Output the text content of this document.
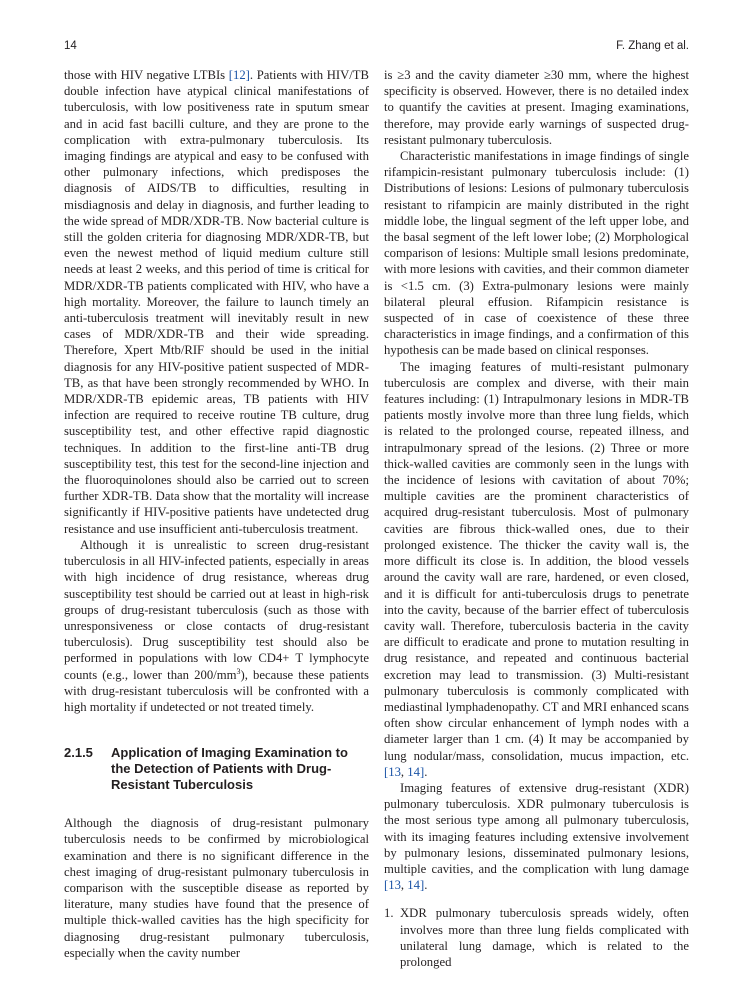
14	F. Zhang et al.

those with HIV negative LTBIs [12]. Patients with HIV/TB double infection have atypical clinical manifestations of tuberculosis, with low positiveness rate in sputum smear and in acid fast bacilli culture, and they are prone to the complication with extra-pulmonary tuberculosis. Its imaging findings are atypical and easy to be confused with other pulmonary infections, which predisposes the diagnosis of AIDS/TB to difficulties, resulting in misdiagnosis and delay in diagnosis, and further leading to the wide spread of MDR/XDR-TB. Now bacterial culture is still the golden criteria for diagnosing MDR/XDR-TB, but even the newest method of liquid medium culture still needs at least 2 weeks, and this period of time is critical for MDR/XDR-TB patients complicated with HIV, who have a high mortality. Moreover, the failure to launch timely an anti-tuberculosis treatment will inevitably result in new cases of MDR/XDR-TB and their wide spreading. Therefore, Xpert Mtb/RIF should be used in the initial diagnosis for any HIV-positive patient suspected of MDR-TB, as that have been strongly recommended by WHO. In MDR/XDR-TB epidemic areas, TB patients with HIV infection are required to receive routine TB culture, drug susceptibility test, and other effective rapid diagnostic techniques. In addition to the first-line anti-TB drug susceptibility test, this test for the second-line injection and the fluoroquinolones should also be carried out to screen further XDR-TB. Data show that the mortality will increase significantly if HIV-positive patients have undetected drug resistance and use insufficient anti-tuberculosis treatment.

Although it is unrealistic to screen drug-resistant tuberculosis in all HIV-infected patients, especially in areas with high incidence of drug resistance, whereas drug susceptibility test should be carried out at least in high-risk groups of drug-resistant tuberculosis (such as those with unresponsiveness or close contacts of drug-resistant tuberculosis). Drug susceptibility test should also be performed in populations with low CD4+ T lymphocyte counts (e.g., lower than $200/mm^3$), because these patients with drug-resistant tuberculosis will be confronted with a high mortality if undetected or not treated timely.

2.1.5 Application of Imaging Examination to the Detection of Patients with Drug-Resistant Tuberculosis

Although the diagnosis of drug-resistant pulmonary tuberculosis needs to be confirmed by microbiological examination and there is no significant difference in the chest imaging of drug-resistant pulmonary tuberculosis in comparison with the susceptible disease as reported by literature, many studies have found that the presence of multiple thick-walled cavities has the high specificity for diagnosing drug-resistant pulmonary tuberculosis, especially when the cavity number

is ≥3 and the cavity diameter ≥30 mm, where the highest specificity is observed. However, there is no detailed index to quantify the cavities at present. Imaging examinations, therefore, may provide early warnings of suspected drug-resistant pulmonary tuberculosis.

Characteristic manifestations in image findings of single rifampicin-resistant pulmonary tuberculosis include: (1) Distributions of lesions: Lesions of pulmonary tuberculosis resistant to rifampicin are mainly distributed in the right middle lobe, the lingual segment of the left upper lobe, and the basal segment of the left lower lobe; (2) Morphological comparison of lesions: Multiple small lesions predominate, with more lesions with cavities, and their common diameter is <1.5 cm. (3) Extra-pulmonary lesions were mainly bilateral pleural effusion. Rifampicin resistance is suspected of in case of coexistence of these three characteristics in image findings, and a confirmation of this hypothesis can be made based on clinical responses.

The imaging features of multi-resistant pulmonary tuberculosis are complex and diverse, with their main features including: (1) Intrapulmonary lesions in MDR-TB patients mostly involve more than three lung fields, which is related to the prolonged course, repeated illness, and intrapulmonary spread of the lesions. (2) Three or more thick-walled cavities are commonly seen in the lungs with the incidence of lesions with cavitation of about 70%; multiple cavities are the prominent characteristics of acquired drug-resistant tuberculosis. Most of pulmonary cavities are fibrous thick-walled ones, due to their prolonged existence. The thicker the cavity wall is, the more difficult its close is. In addition, the blood vessels around the cavity wall are rare, hardened, or even closed, and it is difficult for anti-tuberculosis drugs to penetrate into the cavity, because of the barrier effect of tuberculosis cavity wall. Therefore, tuberculosis bacteria in the cavity are difficult to eradicate and prone to mutation resulting in drug resistance, and repeated and continuous bacterial excretion may lead to transmission. (3) Multi-resistant pulmonary tuberculosis is commonly complicated with mediastinal lymphadenopathy. CT and MRI enhanced scans often show circular enhancement of lymph nodes with a diameter larger than 1 cm. (4) It may be accompanied by lung nodular/mass, consolidation, mucus impaction, etc. [13, 14].

Imaging features of extensive drug-resistant (XDR) pulmonary tuberculosis. XDR pulmonary tuberculosis is the most serious type among all pulmonary tuberculosis, with its imaging features including extensive involvement by pulmonary lesions, disseminated pulmonary lesions, multiple cavities, and the complication with lung damage [13, 14].

1. XDR pulmonary tuberculosis spreads widely, often involves more than three lung fields complicated with unilateral lung damage, which is related to the prolonged
